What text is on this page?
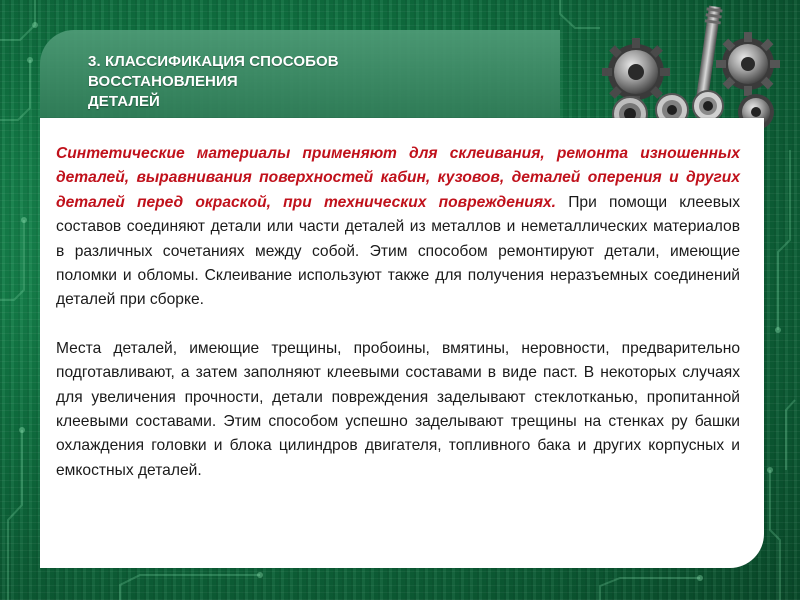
3. КЛАССИФИКАЦИЯ СПОСОБОВ
ВОССТАНОВЛЕНИЯ
ДЕТАЛЕЙ

Синтетические материалы применяют для склеивания, ремонта изношенных деталей, выравнивания поверхностей кабин, кузовов, деталей оперения и других деталей перед окраской, при технических повреждениях. При помощи клеевых составов соединяют детали или части деталей из металлов и неметаллических материалов в различных сочетаниях между собой. Этим способом ремонтируют детали, имеющие поломки и обломы. Склеивание используют также для получения неразъемных соединений деталей при сборке.

Места деталей, имеющие трещины, пробоины, вмятины, неровности, предварительно подготавливают, а затем заполняют клеевыми составами в виде паст. В некоторых случаях для увеличения прочности, детали повреждения заделывают стеклотканью, пропитанной клеевыми составами. Этим способом успешно заделывают трещины на стенках ру башки охлаждения головки и блока цилиндров двигателя, топливного бака и других корпусных и емкостных деталей.
